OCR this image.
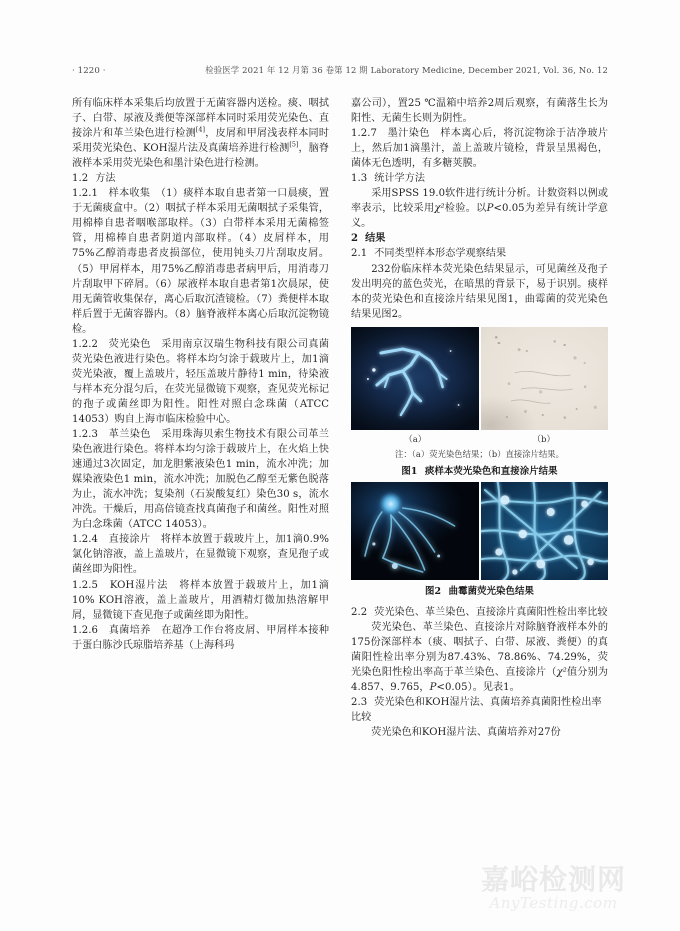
· 1220 ·	检验医学 2021 年 12 月第 36 卷第 12 期 Laboratory Medicine, December 2021, Vol. 36, No. 12

所有临床样本采集后均放置于无菌容器内送检。痰、咽拭子、白带、尿液及粪便等深部样本同时采用荧光染色、直接涂片和革兰染色进行检测[4]，皮屑和甲屑浅表样本同时采用荧光染色、KOH湿片法及真菌培养进行检测[5]，脑脊液样本采用荧光染色和墨汁染色进行检测。

1.2 方法

1.2.1　 样本收集　 （1）痰样本取自患者第一口晨痰，置于无菌痰盒中。（2）咽拭子样本采用无菌咽拭子采集管，用棉棒自患者咽喉部取样。（3）白带样本采用无菌棉签管，用棉棒自患者阴道内部取样。（4）皮屑样本，用75%乙醇消毒患者皮损部位，使用钝头刀片刮取皮屑。（5）甲屑样本，用75%乙醇消毒患者病甲后，用消毒刀片刮取甲下碎屑。（6）尿液样本取自患者第1次晨尿，使用无菌管收集保存，离心后取沉渣镜检。（7）粪便样本取样后置于无菌容器内。（8）脑脊液样本离心后取沉淀物镜检。

1.2.2　 荧光染色　 采用南京汉瑞生物科技有限公司真菌荧光染色液进行染色。将样本均匀涂于载玻片上，加1滴荧光染液，覆上盖玻片，轻压盖玻片静待1 min，待染液与样本充分混匀后，在荧光显微镜下观察，查见荧光标记的孢子或菌丝即为阳性。阳性对照白念珠菌（ATCC 14053）购自上海市临床检验中心。

1.2.3　 革兰染色　 采用珠海贝索生物技术有限公司革兰染色液进行染色。将样本均匀涂于载玻片上，在火焰上快速通过3次固定，加龙胆紫液染色1 min，流水冲洗；加媒染液染色1 min，流水冲洗；加脱色乙醇至无紫色脱落为止，流水冲洗；复染剂（石炭酸复红）染色30 s，流水冲洗。干燥后，用高倍镜查找真菌孢子和菌丝。阳性对照为白念珠菌（ATCC 14053）。

1.2.4　 直接涂片　 将样本放置于载玻片上，加1滴0.9%氯化钠溶液，盖上盖玻片，在显微镜下观察，查见孢子或菌丝即为阳性。

1.2.5　 KOH湿片法　 将样本放置于载玻片上，加1滴10% KOH溶液，盖上盖玻片，用酒精灯微加热溶解甲屑，显微镜下查见孢子或菌丝即为阳性。

1.2.6　 真菌培养　 在超净工作台将皮屑、甲屑样本接种于蛋白胨沙氏琼脂培养基（上海科玛

嘉公司），置25 ℃温箱中培养2周后观察，有菌落生长为阳性、无菌生长则为阴性。

1.2.7　 墨汁染色　 样本离心后，将沉淀物涂于洁净玻片上，然后加1滴墨汁，盖上盖玻片镜检，背景呈黑褐色，菌体无色透明，有多糖荚膜。

1.3 统计学方法

采用SPSS 19.0软件进行统计分析。计数资料以例或率表示，比较采用χ²检验。以P<0.05为差异有统计学意义。

2 结果

2.1 不同类型样本形态学观察结果

232份临床样本荧光染色结果显示，可见菌丝及孢子发出明亮的蓝色荧光，在暗黑的背景下，易于识别。痰样本的荧光染色和直接涂片结果见图1，曲霉菌的荧光染色结果见图2。

（a）	（b）
注：（a）荧光染色结果；（b）直接涂片结果。
图1 痰样本荧光染色和直接涂片结果
图2 曲霉菌荧光染色结果

2.2 荧光染色、革兰染色、直接涂片真菌阳性检出率比较

荧光染色、革兰染色、直接涂片对除脑脊液样本外的175份深部样本（痰、咽拭子、白带、尿液、粪便）的真菌阳性检出率分别为87.43%、78.86%、74.29%，荧光染色阳性检出率高于革兰染色、直接涂片（χ²值分别为4.857、9.765，P<0.05）。见表1。

2.3 荧光染色和KOH湿片法、真菌培养真菌阳性检出率比较

荧光染色和KOH湿片法、真菌培养对27份

嘉峪检测网
AnyTesting.com
